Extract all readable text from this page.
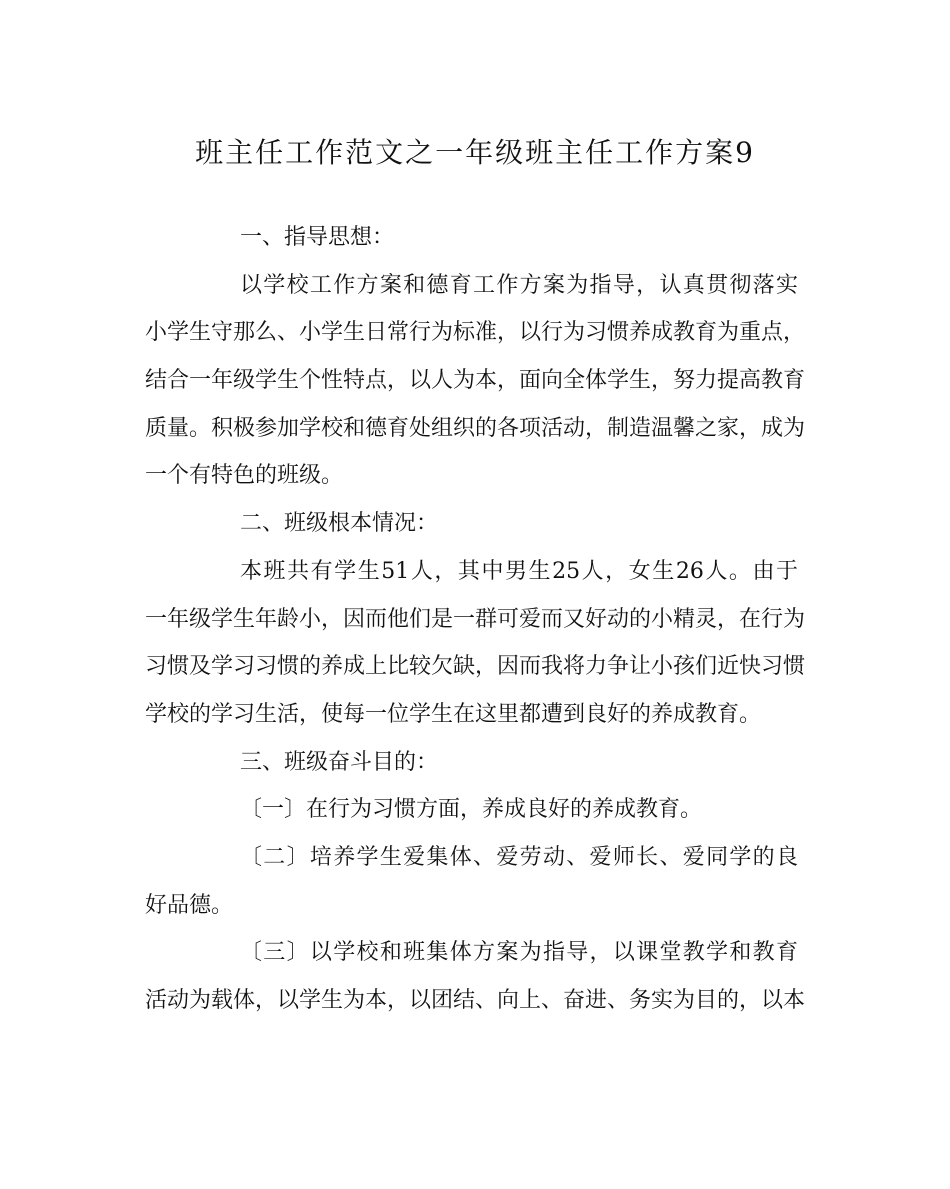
班主任工作范文之一年级班主任工作方案9
一、指导思想：
以学校工作方案和德育工作方案为指导，认真贯彻落实
小学生守那么、小学生日常行为标准，以行为习惯养成教育为重点，
结合一年级学生个性特点，以人为本，面向全体学生，努力提高教育
质量。积极参加学校和德育处组织的各项活动，制造温馨之家，成为
一个有特色的班级。
二、班级根本情况：
本班共有学生51人，其中男生25人，女生26人。由于
一年级学生年龄小，因而他们是一群可爱而又好动的小精灵，在行为
习惯及学习习惯的养成上比较欠缺，因而我将力争让小孩们近快习惯
学校的学习生活，使每一位学生在这里都遭到良好的养成教育。
三、班级奋斗目的：
〔一〕在行为习惯方面，养成良好的养成教育。
〔二〕培养学生爱集体、爱劳动、爱师长、爱同学的良
好品德。
〔三〕以学校和班集体方案为指导，以课堂教学和教育
活动为载体，以学生为本，以团结、向上、奋进、务实为目的，以本
